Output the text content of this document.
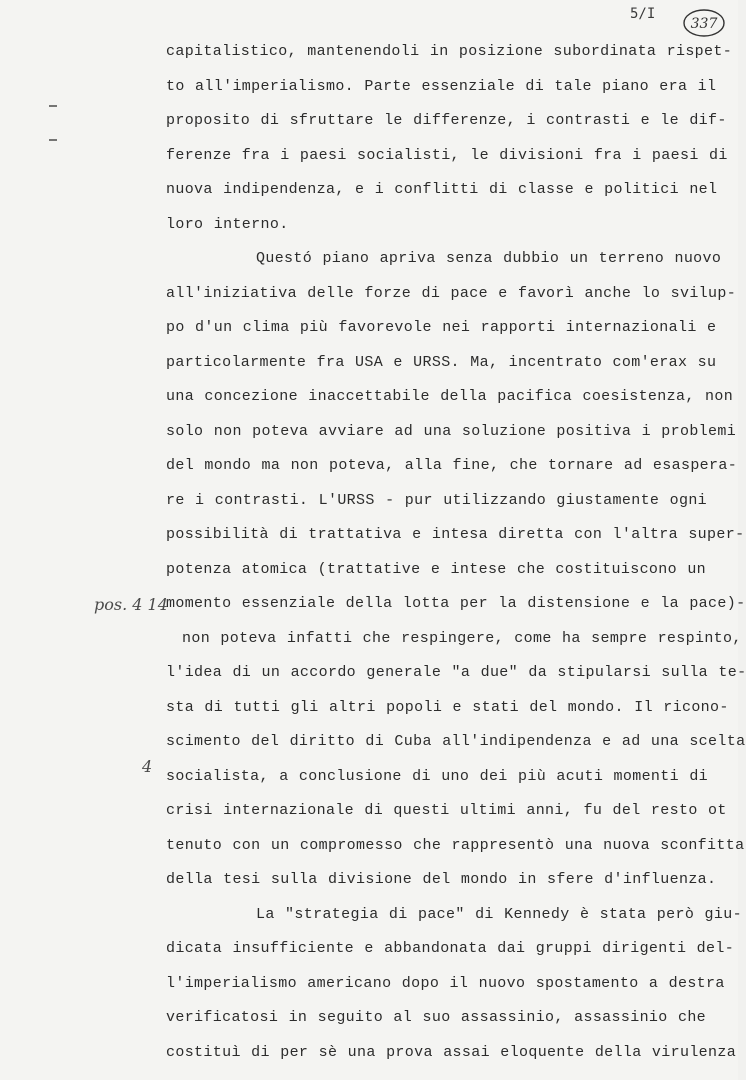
5/I
337
pos. 4 14
4
capitalistico, mantenendoli in posizione subordinata rispet-
to all'imperialismo. Parte essenziale di tale piano era il
proposito di sfruttare le differenze, i contrasti e le dif-
ferenze fra i paesi socialisti, le divisioni fra i paesi di
nuova indipendenza, e i conflitti di classe e politici nel
loro interno.
Questó piano apriva senza dubbio un terreno nuovo
all'iniziativa delle forze di pace e favorì anche lo svilup-
po d'un clima più favorevole nei rapporti internazionali e
particolarmente fra USA e URSS. Ma, incentrato com'erax su
una concezione inaccettabile della pacifica coesistenza, non
solo non poteva avviare ad una soluzione positiva i problemi
del mondo ma non poteva, alla fine, che tornare ad esaspera-
re i contrasti. L'URSS - pur utilizzando giustamente ogni
possibilità di trattativa e intesa diretta con l'altra super-
potenza atomica (trattative e intese che costituiscono un
momento essenziale della lotta per la distensione e la pace)-
non poteva infatti che respingere, come ha sempre respinto,
l'idea di un accordo generale "a due" da stipularsi sulla te-
sta di tutti gli altri popoli e stati del mondo. Il ricono-
scimento del diritto di Cuba all'indipendenza e ad una scelta
socialista, a conclusione di uno dei più acuti momenti di
crisi internazionale di questi ultimi anni, fu del resto ot
tenuto con un compromesso che rappresentò una nuova sconfitta
della tesi sulla divisione del mondo in sfere d'influenza.
La "strategia di pace" di Kennedy è stata però giu-
dicata insufficiente e abbandonata dai gruppi dirigenti del-
l'imperialismo americano dopo il nuovo spostamento a destra
verificatosi in seguito al suo assassinio, assassinio che
costituì di per sè una prova assai eloquente della virulenza
